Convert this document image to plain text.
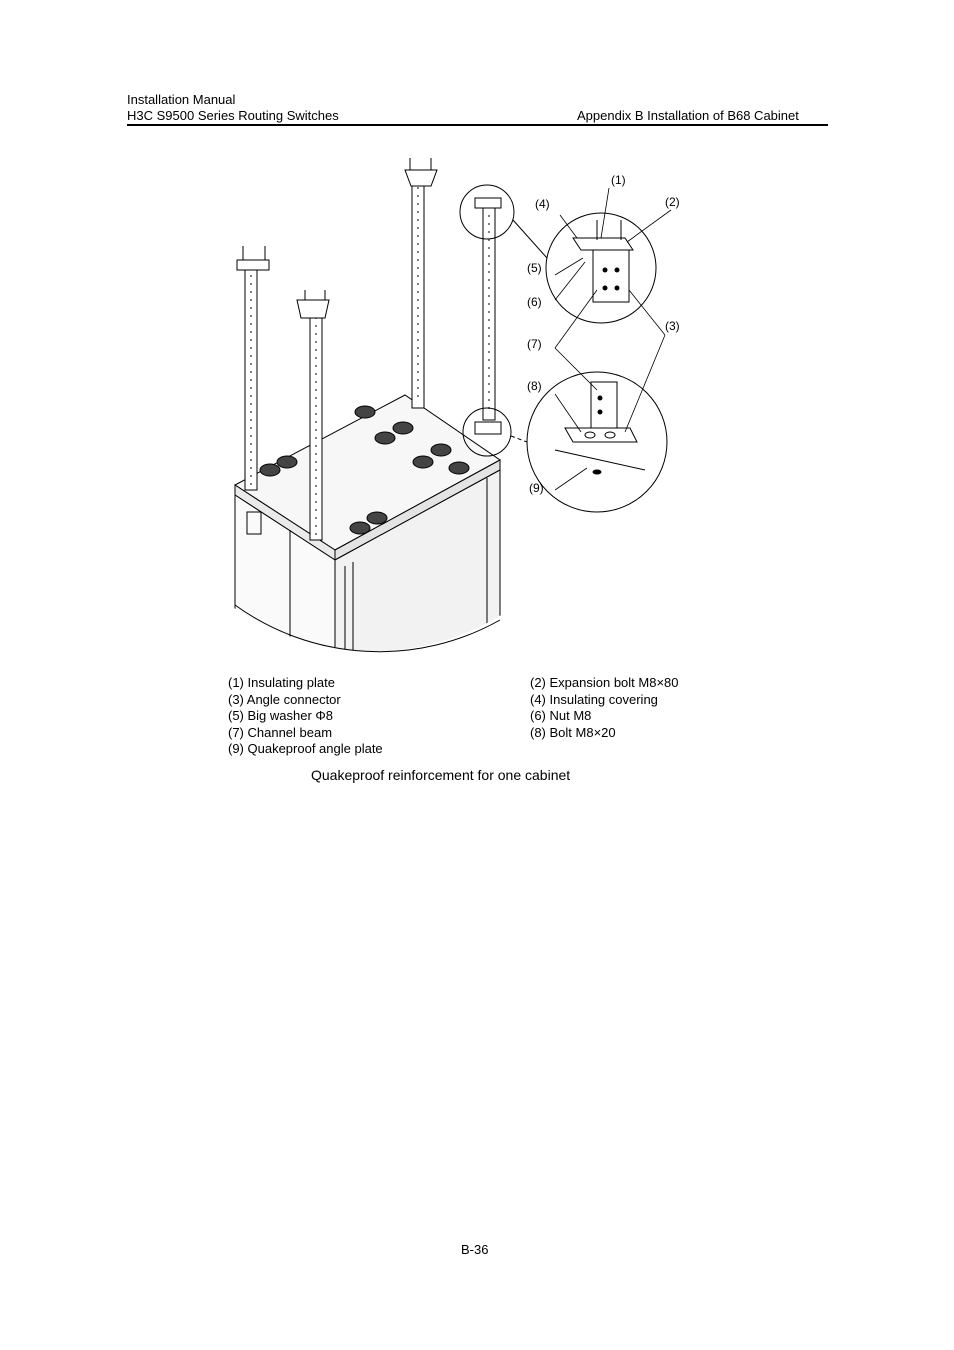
Installation Manual
H3C S9500 Series Routing Switches	Appendix B Installation of B68 Cabinet
(1)
(2)
(3)
(4)
(5)
(6)
(7)
(8)
(9)
(1) Insulating plate
(3) Angle connector
(5) Big washer Φ8
(7) Channel beam
(9) Quakeproof angle plate
(2) Expansion bolt M8×80
(4) Insulating covering
(6) Nut M8
(8) Bolt M8×20
Quakeproof reinforcement for one cabinet
B-36
